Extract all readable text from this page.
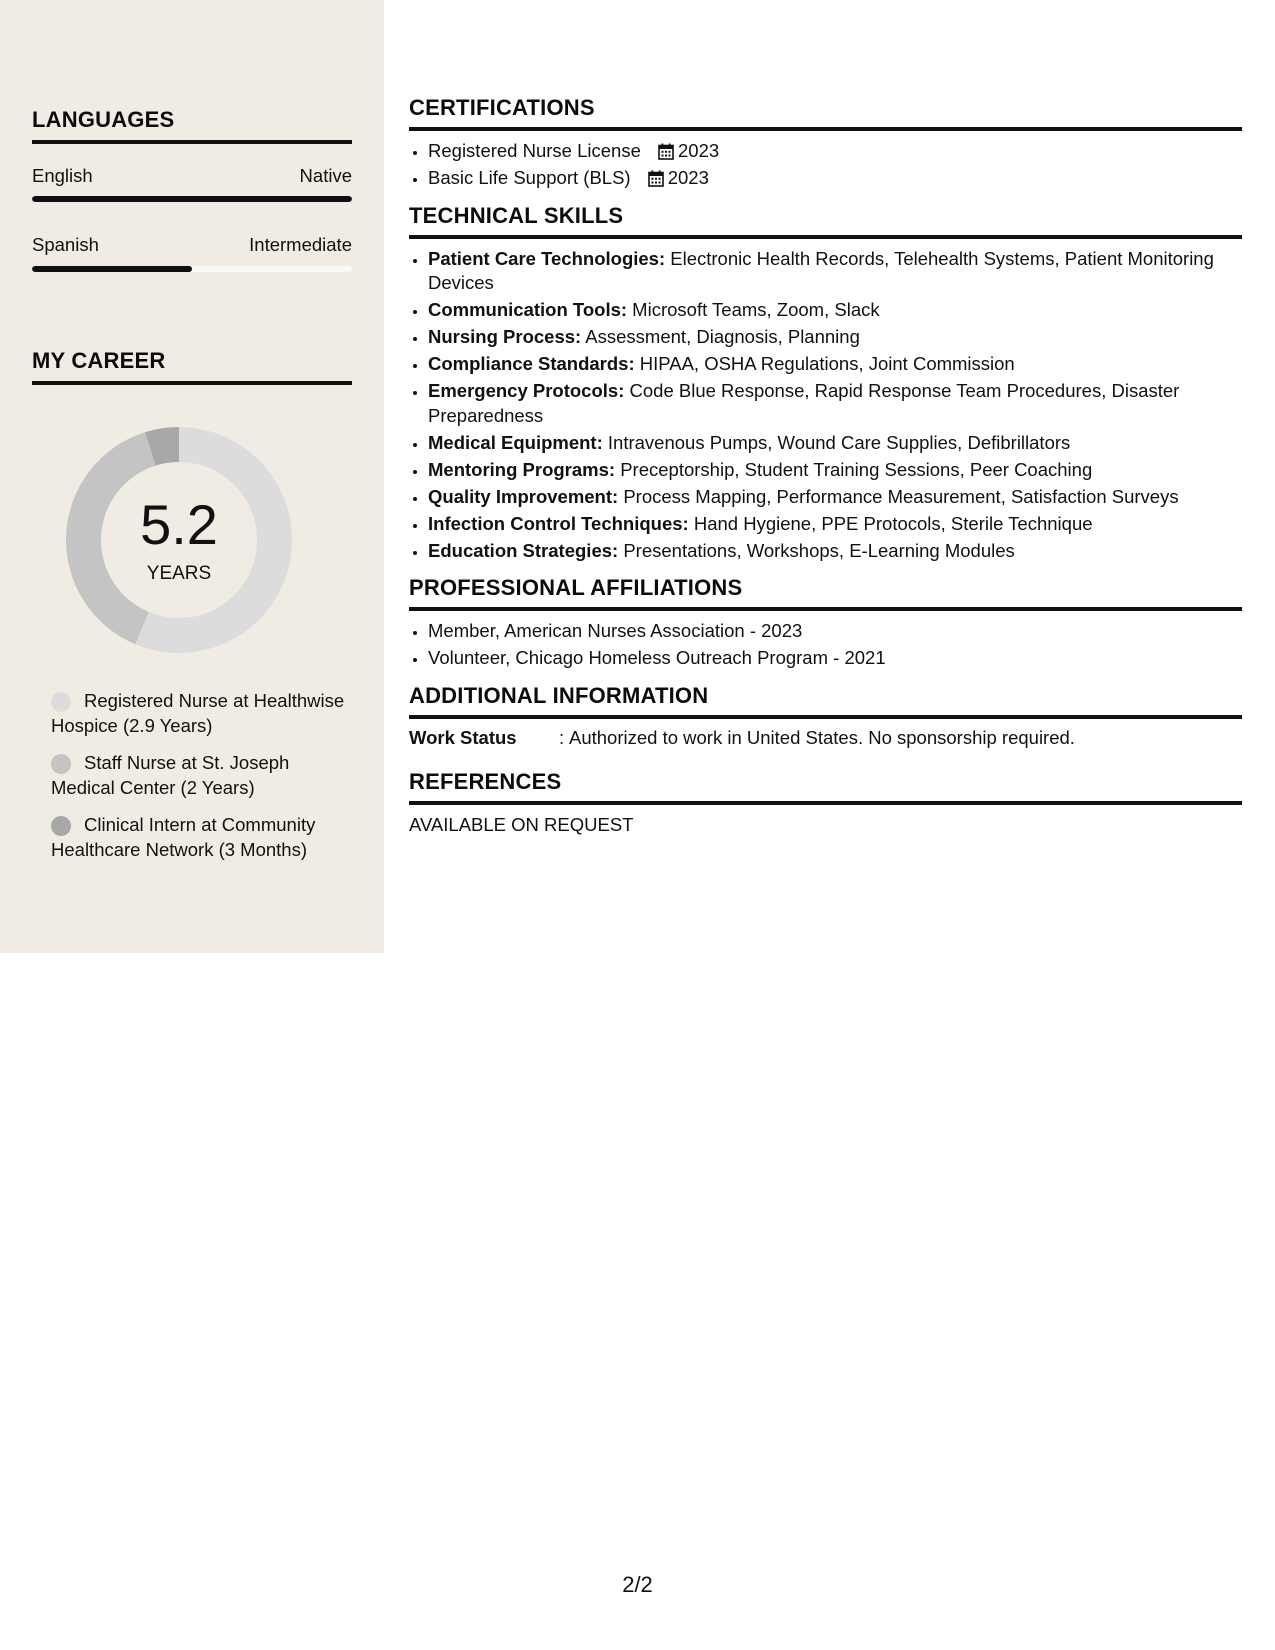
LANGUAGES
English	Native
Spanish	Intermediate
MY CAREER
5.2
YEARS
Registered Nurse at Healthwise Hospice (2.9 Years)
Staff Nurse at St. Joseph Medical Center (2 Years)
Clinical Intern at Community Healthcare Network (3 Months)
CERTIFICATIONS
• Registered Nurse License 2023
• Basic Life Support (BLS) 2023
TECHNICAL SKILLS
• Patient Care Technologies: Electronic Health Records, Telehealth Systems, Patient Monitoring Devices
• Communication Tools: Microsoft Teams, Zoom, Slack
• Nursing Process: Assessment, Diagnosis, Planning
• Compliance Standards: HIPAA, OSHA Regulations, Joint Commission
• Emergency Protocols: Code Blue Response, Rapid Response Team Procedures, Disaster Preparedness
• Medical Equipment: Intravenous Pumps, Wound Care Supplies, Defibrillators
• Mentoring Programs: Preceptorship, Student Training Sessions, Peer Coaching
• Quality Improvement: Process Mapping, Performance Measurement, Satisfaction Surveys
• Infection Control Techniques: Hand Hygiene, PPE Protocols, Sterile Technique
• Education Strategies: Presentations, Workshops, E-Learning Modules
PROFESSIONAL AFFILIATIONS
• Member, American Nurses Association - 2023
• Volunteer, Chicago Homeless Outreach Program - 2021
ADDITIONAL INFORMATION
Work Status : Authorized to work in United States. No sponsorship required.
REFERENCES

AVAILABLE ON REQUEST

2/2
